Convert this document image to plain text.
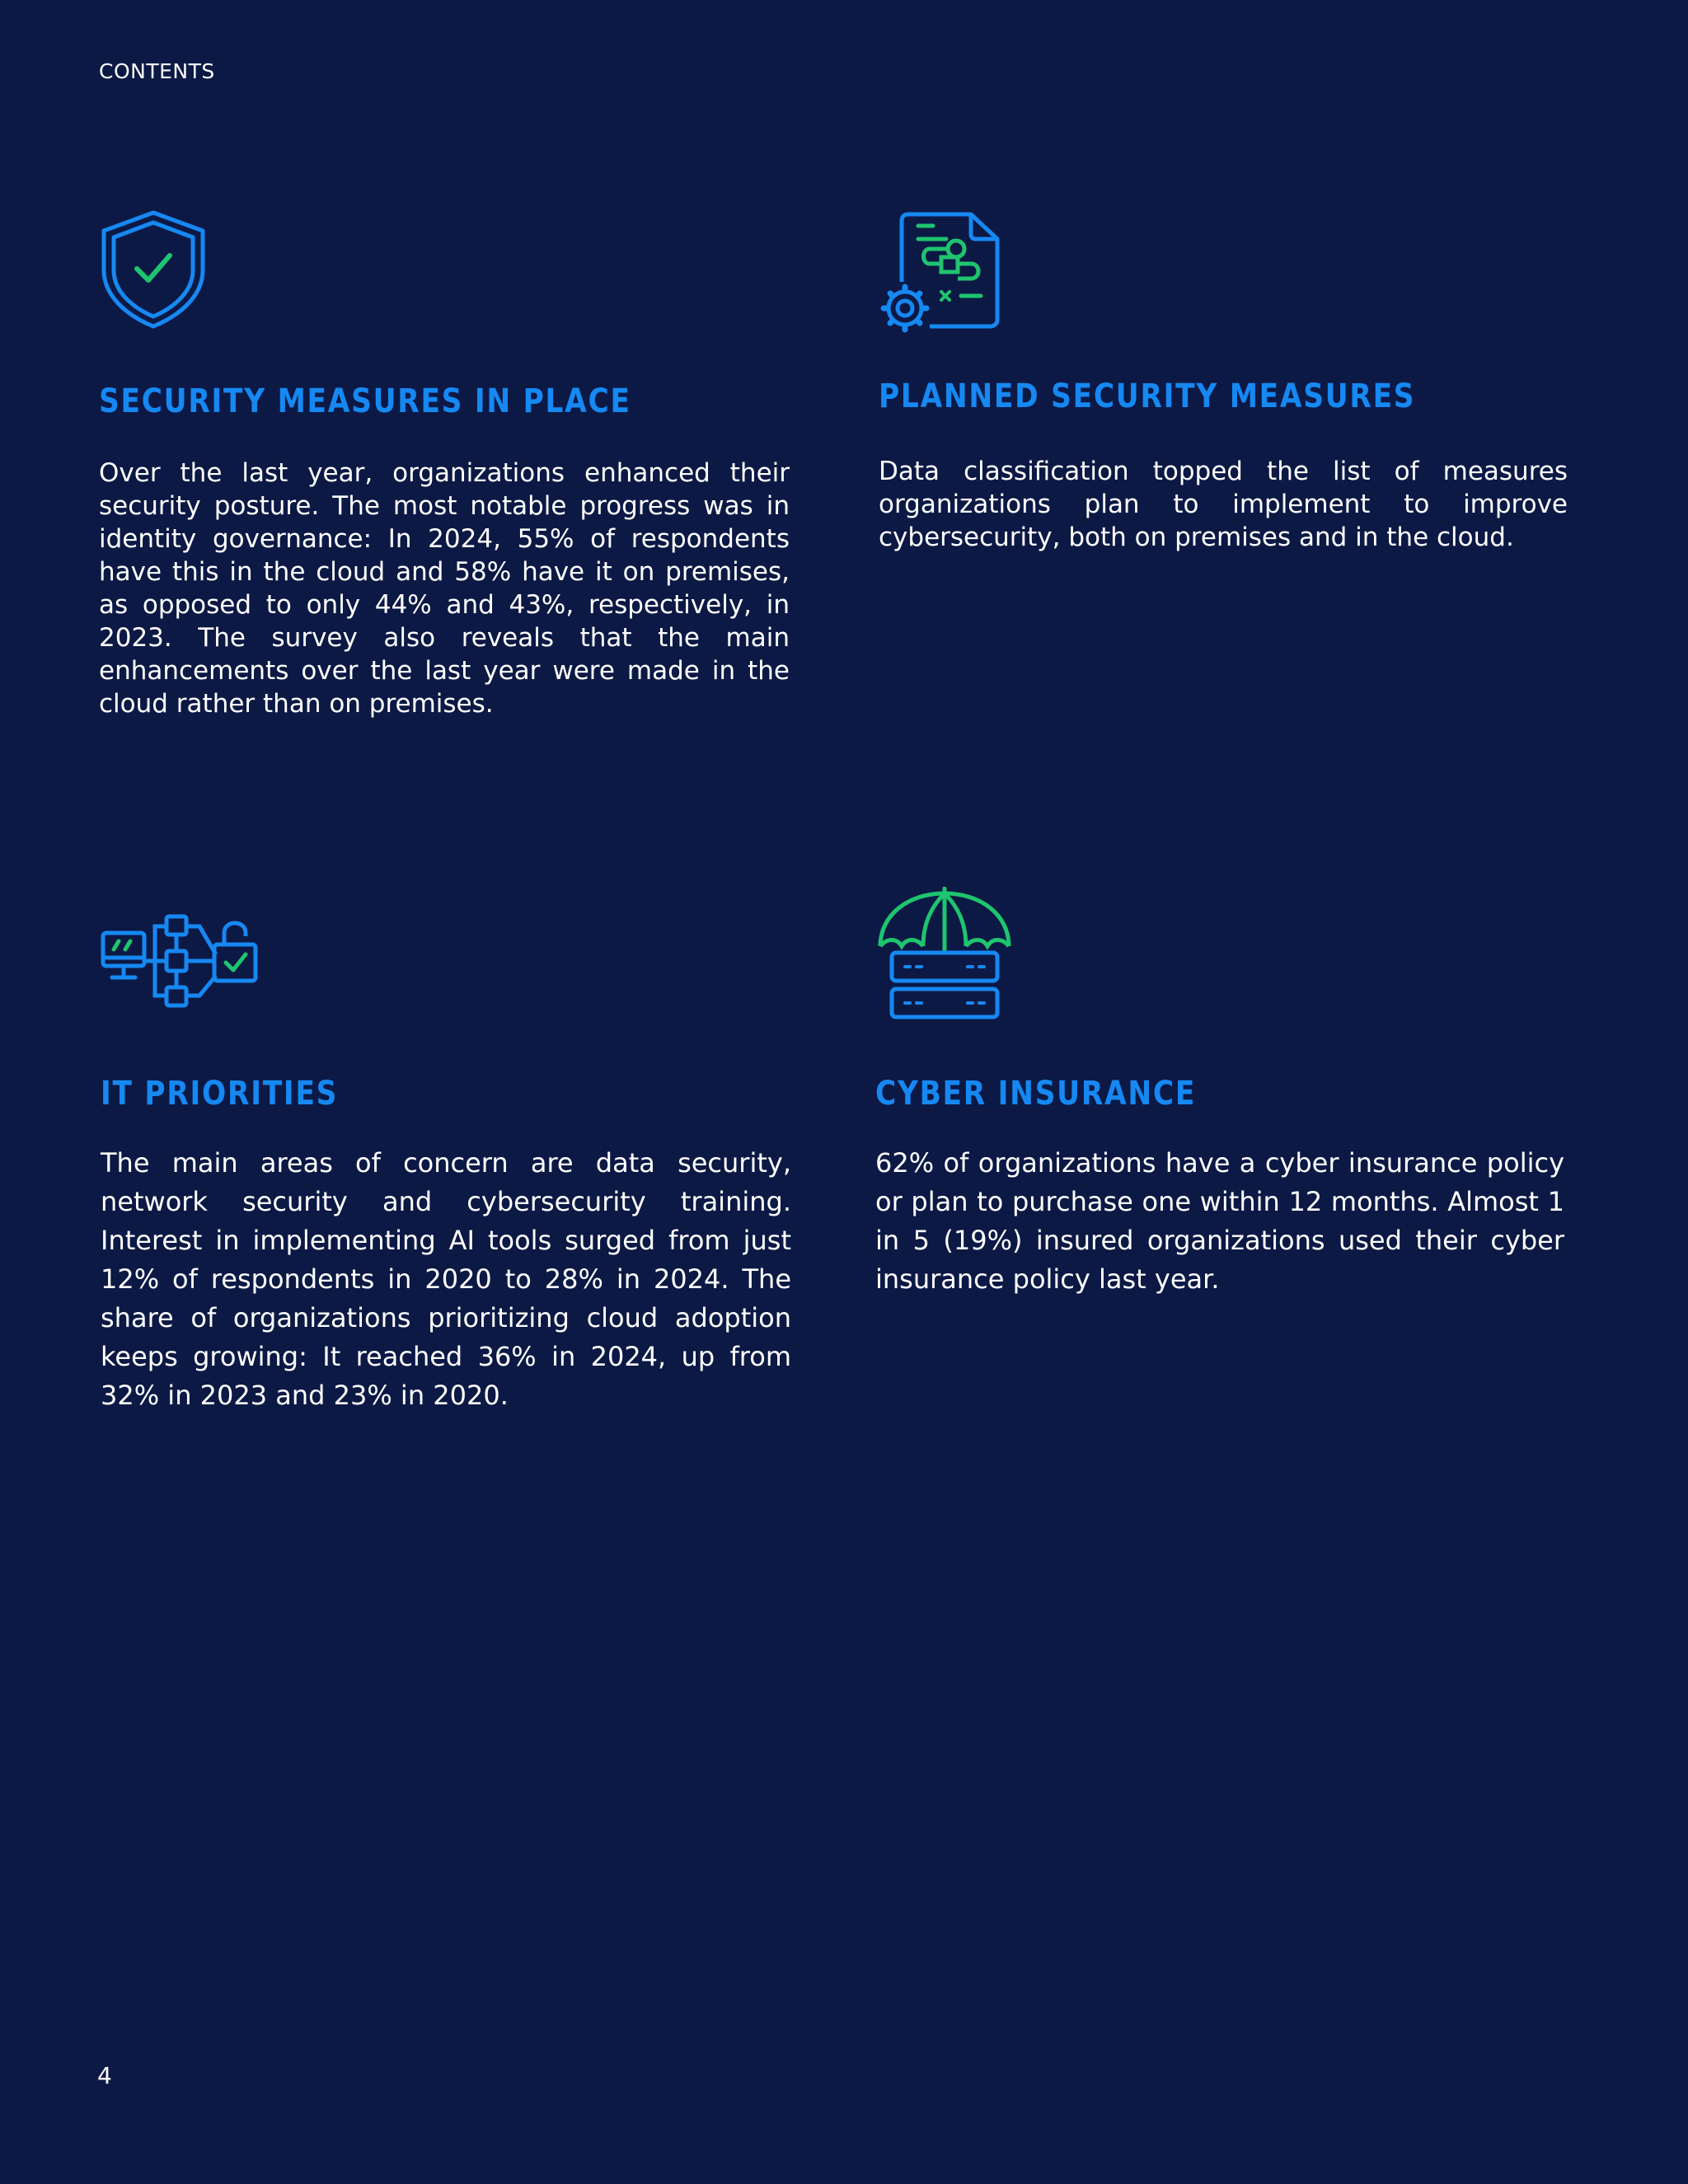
CONTENTS
SECURITY MEASURES IN PLACE

Over the last year, organizations enhanced their security posture. The most notable progress was in identity governance: In 2024, 55% of respondents have this in the cloud and 58% have it on premises, as opposed to only 44% and 43%, respectively, in 2023. The survey also reveals that the main enhancements over the last year were made in the cloud rather than on premises.

PLANNED SECURITY MEASURES

Data classification topped the list of measures organizations plan to implement to improve cybersecurity, both on premises and in the cloud.

IT PRIORITIES

The main areas of concern are data security, network security and cybersecurity training. Interest in implementing AI tools surged from just 12% of respondents in 2020 to 28% in 2024. The share of organizations prioritizing cloud adoption keeps growing: It reached 36% in 2024, up from 32% in 2023 and 23% in 2020.

CYBER INSURANCE

62% of organizations have a cyber insurance policy or plan to purchase one within 12 months. Almost 1 in 5 (19%) insured organizations used their cyber insurance policy last year.

4
